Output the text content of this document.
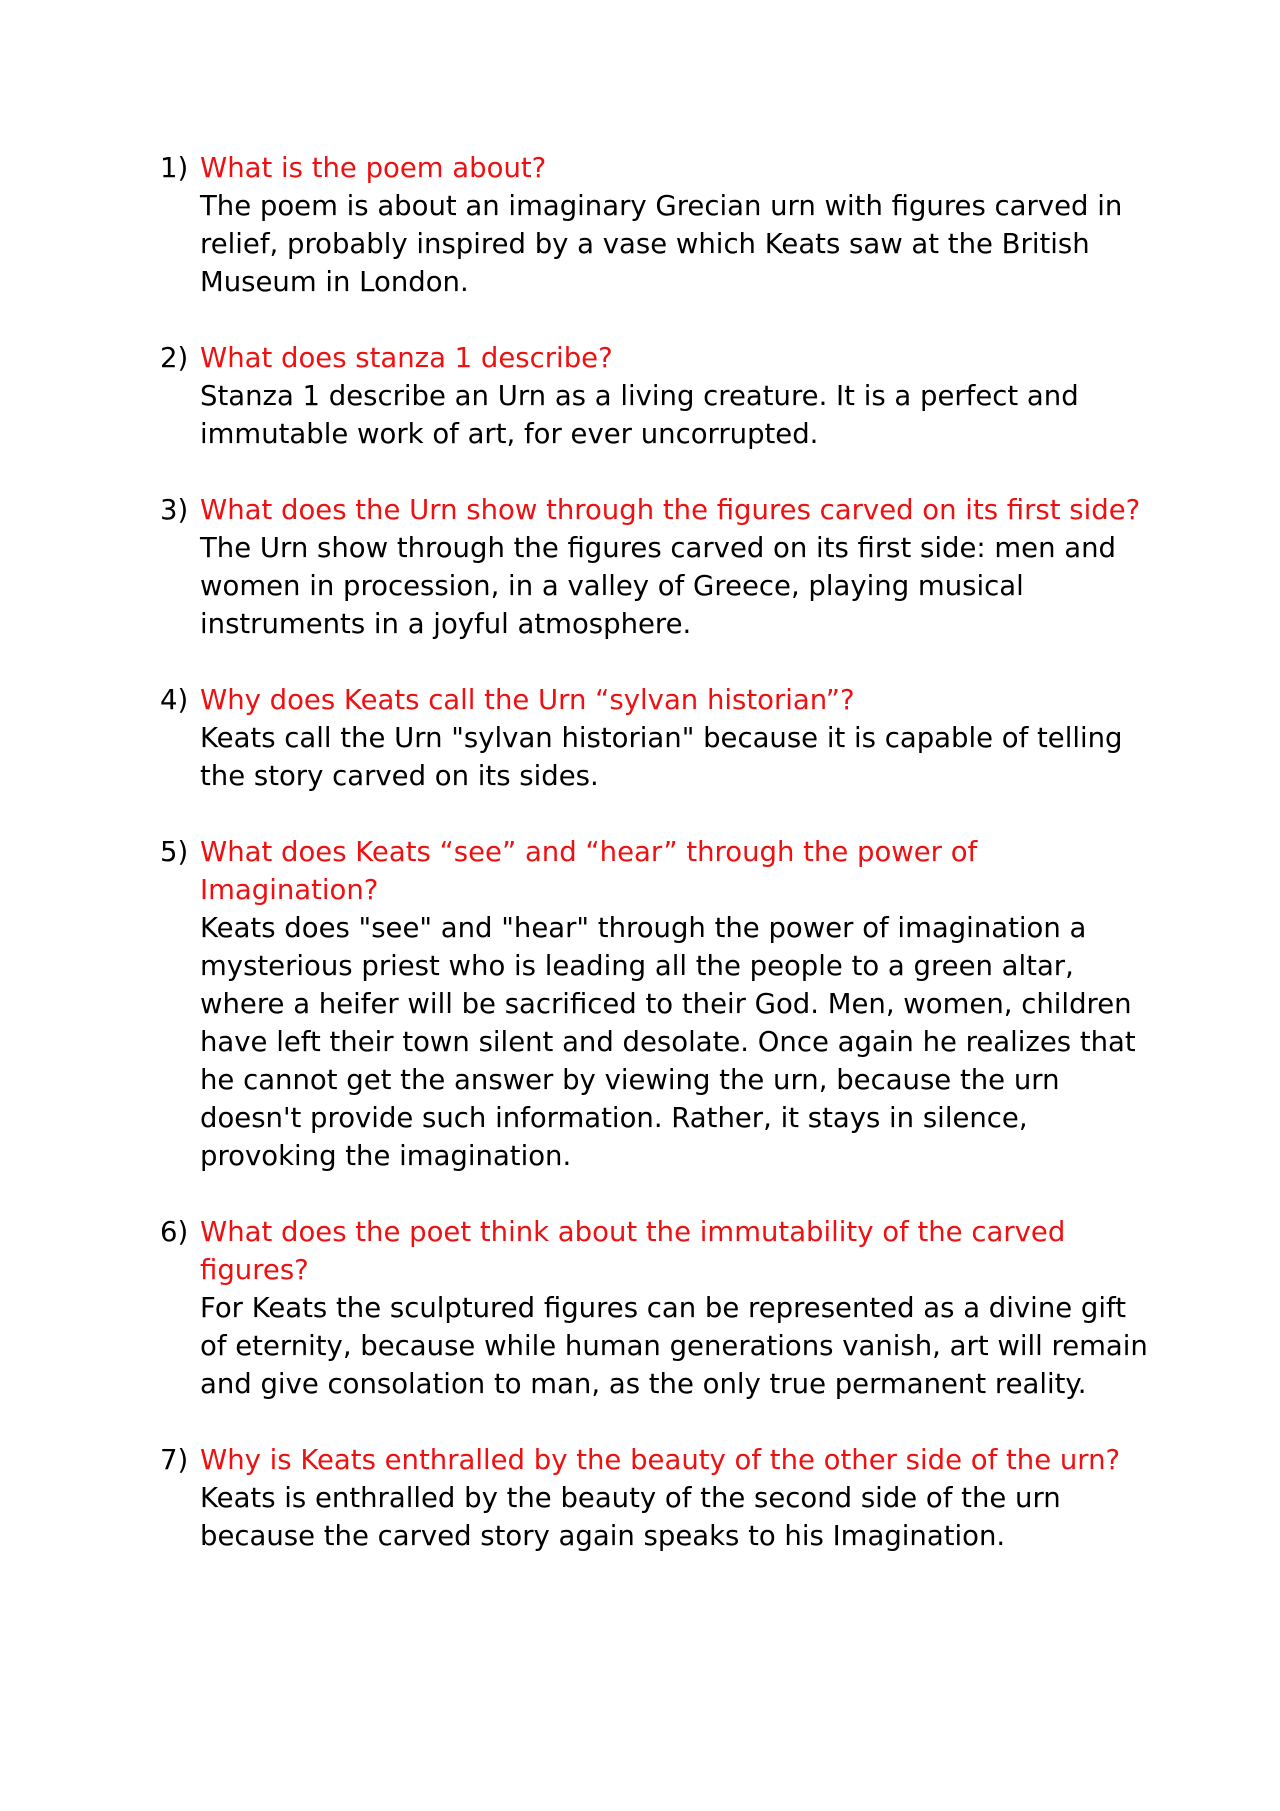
1) What is the poem about?
The poem is about an imaginary Grecian urn with figures carved in relief, probably inspired by a vase which Keats saw at the British Museum in London.
2) What does stanza 1 describe?
Stanza 1 describe an Urn as a living creature. It is a perfect and immutable work of art, for ever uncorrupted.
3) What does the Urn show through the figures carved on its first side?
The Urn show through the figures carved on its first side: men and women in procession, in a valley of Greece, playing musical instruments in a joyful atmosphere.
4) Why does Keats call the Urn “sylvan historian”?
Keats call the Urn "sylvan historian" because it is capable of telling the story carved on its sides.
5) What does Keats “see” and “hear” through the power of Imagination?
Keats does "see" and "hear" through the power of imagination a mysterious priest who is leading all the people to a green altar, where a heifer will be sacrificed to their God. Men, women, children have left their town silent and desolate. Once again he realizes that he cannot get the answer by viewing the urn, because the urn doesn't provide such information. Rather, it stays in silence, provoking the imagination.
6) What does the poet think about the immutability of the carved figures?
For Keats the sculptured figures can be represented as a divine gift of eternity, because while human generations vanish, art will remain and give consolation to man, as the only true permanent reality.
7) Why is Keats enthralled by the beauty of the other side of the urn?
Keats is enthralled by the beauty of the second side of the urn because the carved story again speaks to his Imagination.
